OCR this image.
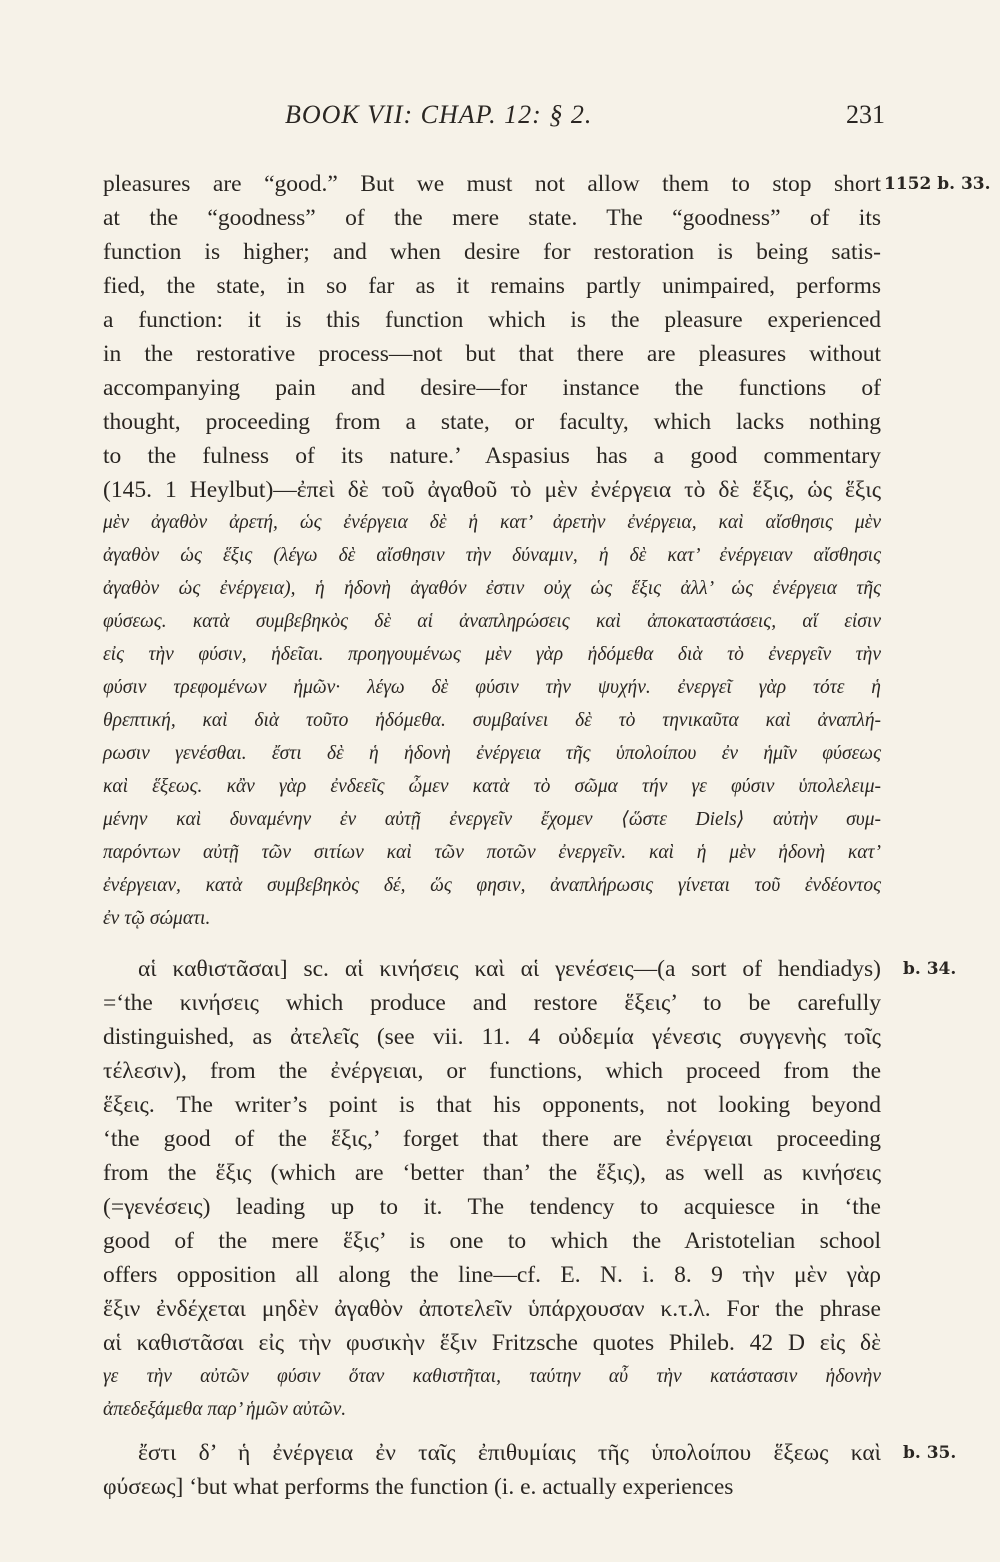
BOOK VII: CHAP. 12: § 2.	231
1152 b. 33.
b. 34.
b. 35.
pleasures are “good.” But we must not allow them to stop short
at the “goodness” of the mere state. The “goodness” of its
function is higher; and when desire for restoration is being satis-
fied, the state, in so far as it remains partly unimpaired, performs
a function: it is this function which is the pleasure experienced
in the restorative process—not but that there are pleasures without
accompanying pain and desire—for instance the functions of
thought, proceeding from a state, or faculty, which lacks nothing
to the fulness of its nature.’ Aspasius has a good commentary
(145. 1 Heylbut)—ἐπεὶ δὲ τοῦ ἀγαθοῦ τὸ μὲν ἐνέργεια τὸ δὲ ἕξις, ὡς ἕξις
μὲν ἀγαθὸν ἀρετή, ὡς ἐνέργεια δὲ ἡ κατ’ ἀρετὴν ἐνέργεια, καὶ αἴσθησις μὲν
ἀγαθὸν ὡς ἕξις (λέγω δὲ αἴσθησιν τὴν δύναμιν, ἡ δὲ κατ’ ἐνέργειαν αἴσθησις
ἀγαθὸν ὡς ἐνέργεια), ἡ ἡδονὴ ἀγαθόν ἐστιν οὐχ ὡς ἕξις ἀλλ’ ὡς ἐνέργεια τῆς
φύσεως. κατὰ συμβεβηκὸς δὲ αἱ ἀναπληρώσεις καὶ ἀποκαταστάσεις, αἵ εἰσιν
εἰς τὴν φύσιν, ἡδεῖαι. προηγουμένως μὲν γὰρ ἡδόμεθα διὰ τὸ ἐνεργεῖν τὴν
φύσιν τρεφομένων ἡμῶν· λέγω δὲ φύσιν τὴν ψυχήν. ἐνεργεῖ γὰρ τότε ἡ
θρεπτική, καὶ διὰ τοῦτο ἡδόμεθα. συμβαίνει δὲ τὸ τηνικαῦτα καὶ ἀναπλή-
ρωσιν γενέσθαι. ἔστι δὲ ἡ ἡδονὴ ἐνέργεια τῆς ὑπολοίπου ἐν ἡμῖν φύσεως
καὶ ἕξεως. κἂν γὰρ ἐνδεεῖς ὦμεν κατὰ τὸ σῶμα τήν γε φύσιν ὑπολελειμ-
μένην καὶ δυναμένην ἐν αὐτῇ ἐνεργεῖν ἔχομεν ⟨ὥστε Diels⟩ αὐτὴν συμ-
παρόντων αὐτῇ τῶν σιτίων καὶ τῶν ποτῶν ἐνεργεῖν. καὶ ἡ μὲν ἡδονὴ κατ’
ἐνέργειαν, κατὰ συμβεβηκὸς δέ, ὥς φησιν, ἀναπλήρωσις γίνεται τοῦ ἐνδέοντος
ἐν τῷ σώματι.
αἱ καθιστᾶσαι] sc. αἱ κινήσεις καὶ αἱ γενέσεις—(a sort of hendiadys)
=‘the κινήσεις which produce and restore ἕξεις’ to be carefully
distinguished, as ἀτελεῖς (see vii. 11. 4 οὐδεμία γένεσις συγγενὴς τοῖς
τέλεσιν), from the ἐνέργειαι, or functions, which proceed from the
ἕξεις. The writer’s point is that his opponents, not looking beyond
‘the good of the ἕξις,’ forget that there are ἐνέργειαι proceeding
from the ἕξις (which are ‘better than’ the ἕξις), as well as κινήσεις
(=γενέσεις) leading up to it. The tendency to acquiesce in ‘the
good of the mere ἕξις’ is one to which the Aristotelian school
offers opposition all along the line—cf. E. N. i. 8. 9 τὴν μὲν γὰρ
ἕξιν ἐνδέχεται μηδὲν ἀγαθὸν ἀποτελεῖν ὑπάρχουσαν κ.τ.λ. For the phrase
αἱ καθιστᾶσαι εἰς τὴν φυσικὴν ἕξιν Fritzsche quotes Phileb. 42 D εἰς δὲ
γε τὴν αὐτῶν φύσιν ὅταν καθιστῆται, ταύτην αὖ τὴν κατάστασιν ἡδονὴν
ἀπεδεξάμεθα παρ’ ἡμῶν αὐτῶν.
ἔστι δ’ ἡ ἐνέργεια ἐν ταῖς ἐπιθυμίαις τῆς ὑπολοίπου ἕξεως καὶ
φύσεως] ‘but what performs the function (i. e. actually experiences
